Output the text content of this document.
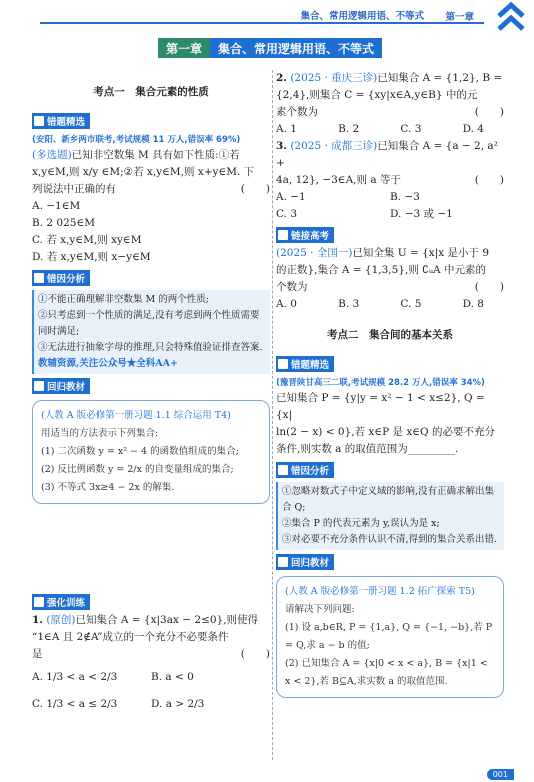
集合、常用逻辑用语、不等式 第一章
第一章	集合、常用逻辑用语、不等式
考点一　集合元素的性质
错题精选
(安阳、新乡两市联考,考试规模 11 万人,错误率 69%)
(多选题)已知非空数集 M 具有如下性质:①若
x,y∈M,则 x/y ∈M;②若 x,y∈M,则 x+y∈M. 下
列说法中正确的有	(　　)
A. −1∈M
B. 2 025∈M
C. 若 x,y∈M,则 xy∈M
D. 若 x,y∈M,则 x−y∈M
错因分析
①不能正确理解非空数集 M 的两个性质;
②只考虑到一个性质的满足,没有考虑到两个性质需要同时满足;
③无法进行抽象字母的推理,只会特殊值验证排查答案. 教辅资源,关注公众号★全科AA+
回归教材
(人教 A 版必修第一册习题 1.1 综合运用 T4)
用适当的方法表示下列集合:
(1) 二次函数 y = x² − 4 的函数值组成的集合;
(2) 反比例函数 y = 2/x 的自变量组成的集合;
(3) 不等式 3x≥4 − 2x 的解集.
强化训练
1. (原创)已知集合 A = {x|3ax − 2≤0},则使得
“1∈A 且 2∉A”成立的一个充分不必要条件
是	(　　)
A. 1/3 < a < 2/3	B. a < 0
C. 1/3 < a ≤ 2/3	D. a > 2/3
2. (2025 · 重庆三诊)已知集合 A = {1,2}, B =
{2,4},则集合 C = {xy|x∈A,y∈B} 中的元
素个数为	(　　)
A. 1	B. 2	C. 3	D. 4
3. (2025 · 成都三诊)已知集合 A = {a − 2, a² +
4a, 12}, −3∈A,则 a 等于	(　　)
A. −1	B. −3
C. 3	D. −3 或 −1
链接高考
(2025 · 全国一)已知全集 U = {x|x 是小于 9
的正数},集合 A = {1,3,5},则 ∁ᵤA 中元素的
个数为	(　　)
A. 0	B. 3	C. 5	D. 8
考点二　集合间的基本关系
错题精选
(豫晋陕甘高三二联,考试规模 28.2 万人,错误率 34%)
已知集合 P = {y|y = x² − 1 < x≤2}, Q = {x|
ln(2 − x) < 0},若 x∈P 是 x∈Q 的必要不充分
条件,则实数 a 的取值范围为_________.
错因分析
①忽略对数式子中定义域的影响,没有正确求解出集合 Q;
②集合 P 的代表元素为 y,误认为是 x;
③对必要不充分条件认识不清,得到的集合关系出错.
回归教材
(人教 A 版必修第一册习题 1.2 拓广探索 T5)
请解决下列问题:
(1) 设 a,b∈R, P = {1,a}, Q = {−1, −b},若 P = Q,求 a − b 的值;
(2) 已知集合 A = {x|0 < x < a}, B = {x|1 < x < 2},若 B⊆A,求实数 a 的取值范围.
001
